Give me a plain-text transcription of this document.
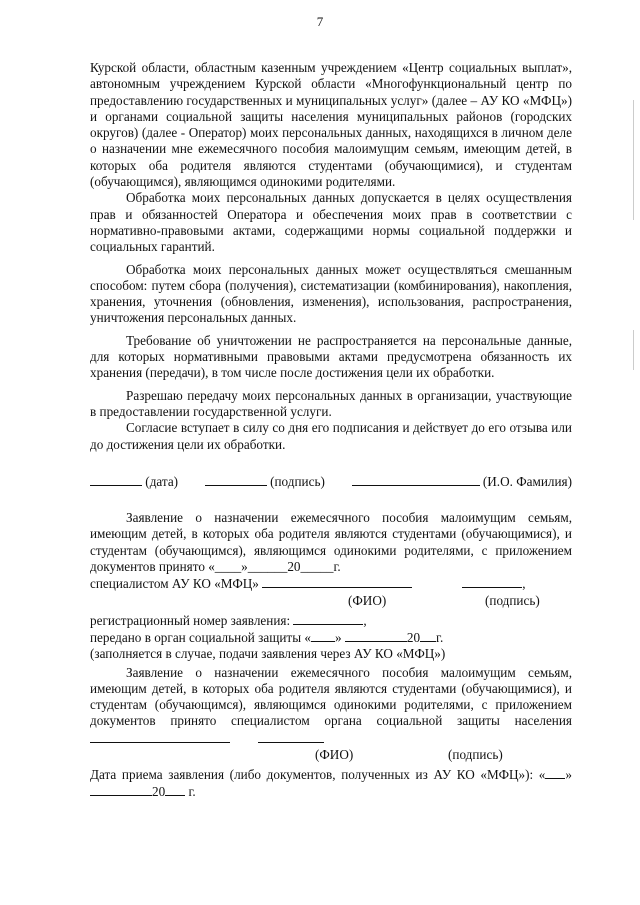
7

Курской области, областным казенным учреждением «Центр социальных выплат», автономным учреждением Курской области «Многофункциональный центр по предоставлению государственных и муниципальных услуг» (далее – АУ КО «МФЦ») и органами социальной защиты населения муниципальных районов (городских округов) (далее - Оператор) моих персональных данных, находящихся в личном деле о назначении мне ежемесячного пособия малоимущим семьям, имеющим детей, в которых оба родителя являются студентами (обучающимися), и студентам (обучающимся), являющимся одинокими родителями.

Обработка моих персональных данных допускается в целях осуществления прав и обязанностей Оператора и обеспечения моих прав в соответствии с нормативно-правовыми актами, содержащими нормы социальной поддержки и социальных гарантий.

Обработка моих персональных данных может осуществляться смешанным способом: путем сбора (получения), систематизации (комбинирования), накопления, хранения, уточнения (обновления, изменения), использования, распространения, уничтожения персональных данных.

Требование об уничтожении не распространяется на персональные данные, для которых нормативными правовыми актами предусмотрена обязанность их хранения (передачи), в том числе после достижения цели их обработки.

Разрешаю передачу моих персональных данных в организации, участвующие в предоставлении государственной услуги.

Согласие вступает в силу со дня его подписания и действует до его отзыва или до достижения цели их обработки.

(дата)	(подпись)	(И.О. Фамилия)

Заявление о назначении ежемесячного пособия малоимущим семьям, имеющим детей, в которых оба родителя являются студентами (обучающимися), и студентам (обучающимся), являющимся одинокими родителями, с приложением документов принято «____»______20_____г.

специалистом АУ КО «МФЦ»	,
(ФИО)	(подпись)
регистрационный номер заявления:	,
передано в орган социальной защиты « »	20 г.
(заполняется в случае, подачи заявления через АУ КО «МФЦ»)

Заявление о назначении ежемесячного пособия малоимущим семьям, имеющим детей, в которых оба родителя являются студентами (обучающимися), и студентам (обучающимся), являющимся одинокими родителями, с приложением документов принято специалистом органа социальной защиты населения

(ФИО)	(подпись)

Дата приема заявления (либо документов, полученных из АУ КО «МФЦ»): « »20 г.
